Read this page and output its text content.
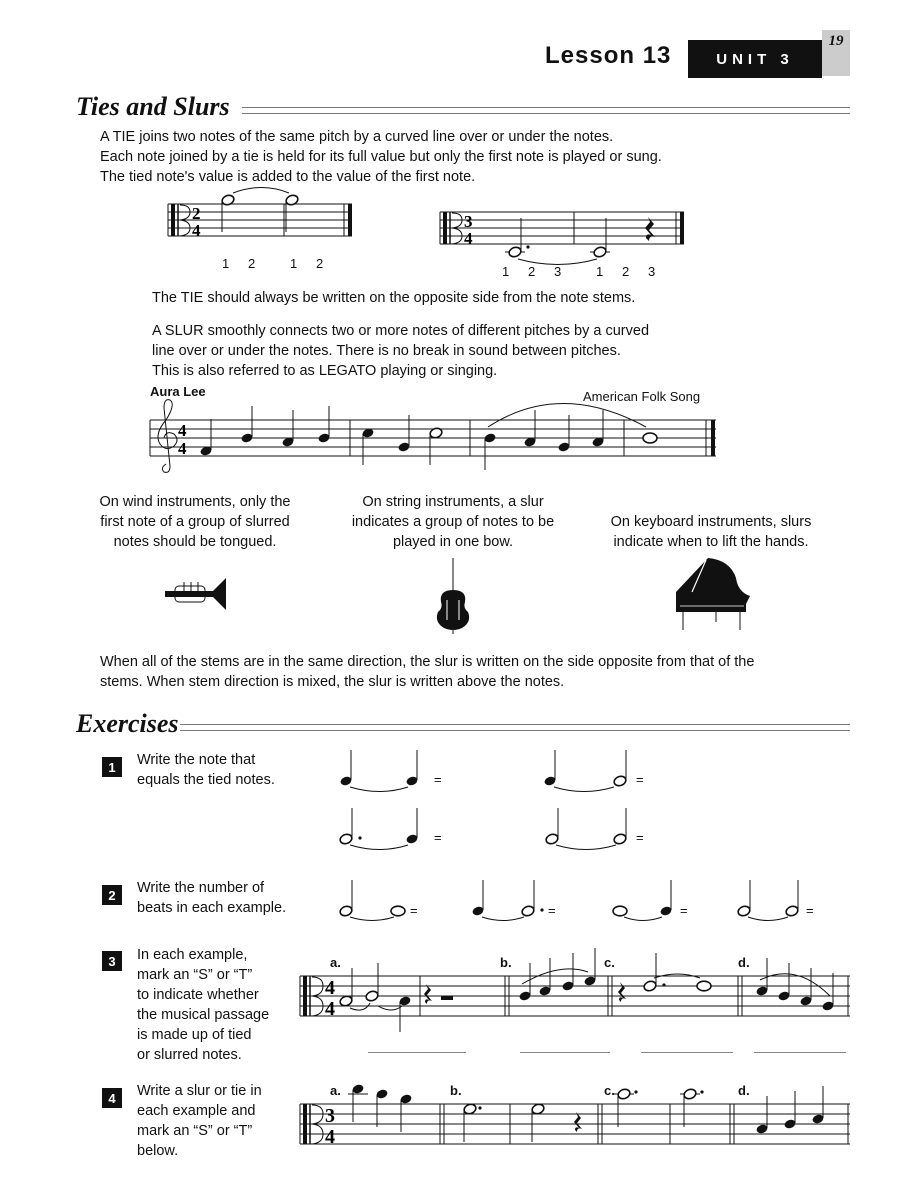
Lesson 13	UNIT 3
19
Ties and Slurs
A TIE joins two notes of the same pitch by a curved line over or under the notes.
Each note joined by a tie is held for its full value but only the first note is played or sung.
The tied note's value is added to the value of the first note.
2
4
1 2	1 2
3
4
1 2 3	1 2 3
The TIE should always be written on the opposite side from the note stems.
A SLUR smoothly connects two or more notes of different pitches by a curved
line over or under the notes. There is no break in sound between pitches.
This is also referred to as LEGATO playing or singing.
Aura Lee	American Folk Song
4
4
On wind instruments, only the
first note of a group of slurred
notes should be tongued.
On string instruments, a slur
indicates a group of notes to be
played in one bow.
On keyboard instruments, slurs
indicate when to lift the hands.
When all of the stems are in the same direction, the slur is written on the side opposite from that of the
stems. When stem direction is mixed, the slur is written above the notes.
Exercises
1	Write the note that
equals the tied notes.	=	=
=	=
2	Write the number of
beats in each example.	=	=	=	=
3	In each example,
mark an “S” or “T”
to indicate whether
the musical passage
is made up of tied
or slurred notes.
a.	b.	c.	d.
4
4
4	Write a slur or tie in
each example and
mark an “S” or “T”
below.
a.	b.	c.	d.
3
4
